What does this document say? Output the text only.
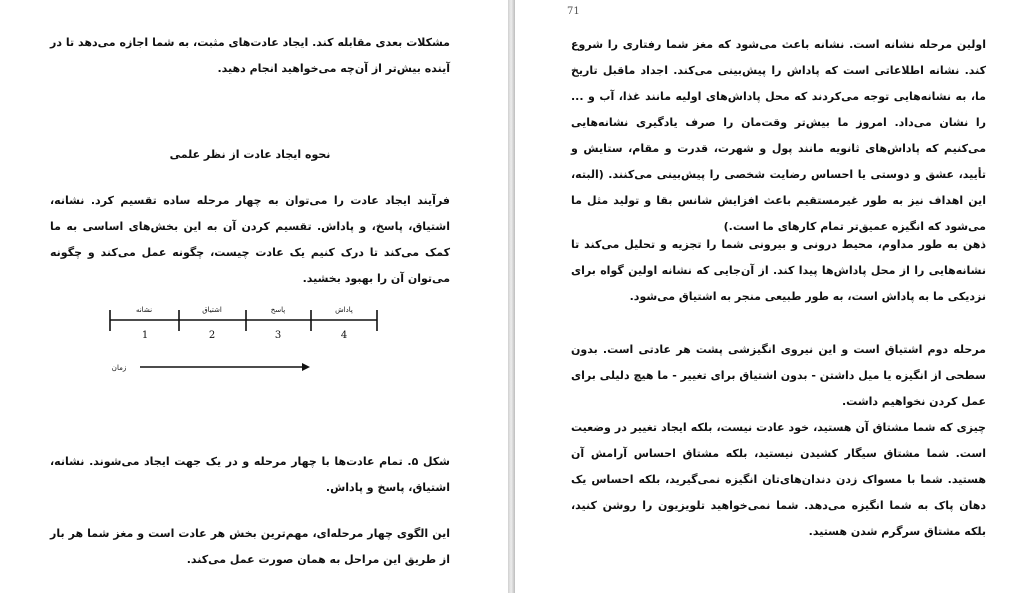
مشکلات بعدی مقابله کند. ایجاد عادت‌های مثبت، به شما اجازه می‌دهد تا در آینده بیش‌تر از آن‌چه می‌خواهید انجام دهید.

نحوه ایجاد عادت از نظر علمی

فرآیند ایجاد عادت را می‌توان به چهار مرحله ساده تقسیم کرد. نشانه، اشتیاق، پاسخ، و پاداش. تقسیم کردن آن به این بخش‌های اساسی به ما کمک می‌کند تا درک کنیم یک عادت چیست، چگونه عمل می‌کند و چگونه می‌توان آن را بهبود بخشید.

نشانه	اشتیاق	پاسخ	پاداش
1	2	3	4
زمان

شکل ۵. تمام عادت‌ها با چهار مرحله و در یک جهت ایجاد می‌شوند. نشانه، اشتیاق، پاسخ و پاداش.

این الگوی چهار مرحله‌ای، مهم‌ترین بخش هر عادت است و مغز شما هر بار از طریق این مراحل به همان صورت عمل می‌کند.

71

اولین مرحله نشانه است. نشانه باعث می‌شود که مغز شما رفتاری را شروع کند. نشانه اطلاعاتی است که پاداش را پیش‌بینی می‌کند. اجداد ماقبل تاریخ ما، به نشانه‌هایی توجه می‌کردند که محل پاداش‌های اولیه مانند غذا، آب و ... را نشان می‌داد. امروز ما بیش‌تر وقت‌مان را صرف یادگیری نشانه‌هایی می‌کنیم که پاداش‌های ثانویه مانند پول و شهرت، قدرت و مقام، ستایش و تأیید، عشق و دوستی یا احساس رضایت شخصی را پیش‌بینی می‌کنند. (البته، این اهداف نیز به طور غیرمستقیم باعث افزایش شانس بقا و تولید مثل ما می‌شود که انگیزه عمیق‌تر تمام کارهای ما است.)

ذهن به طور مداوم، محیط درونی و بیرونی شما را تجزیه و تحلیل می‌کند تا نشانه‌هایی را از محل پاداش‌ها پیدا کند. از آن‌جایی که نشانه اولین گواه برای نزدیکی ما به پاداش است، به طور طبیعی منجر به اشتیاق می‌شود.

مرحله دوم اشتیاق است و این نیروی انگیزشی پشت هر عادتی است. بدون سطحی از انگیزه یا میل داشتن - بدون اشتیاق برای تغییر - ما هیچ دلیلی برای عمل کردن نخواهیم داشت.

چیزی که شما مشتاق آن هستید، خود عادت نیست، بلکه ایجاد تغییر در وضعیت است. شما مشتاق سیگار کشیدن نیستید، بلکه مشتاق احساس آرامش آن هستید. شما با مسواک زدن دندان‌های‌تان انگیزه نمی‌گیرید، بلکه احساس یک دهان پاک به شما انگیزه می‌دهد. شما نمی‌خواهید تلویزیون را روشن کنید، بلکه مشتاق سرگرم شدن هستید.
